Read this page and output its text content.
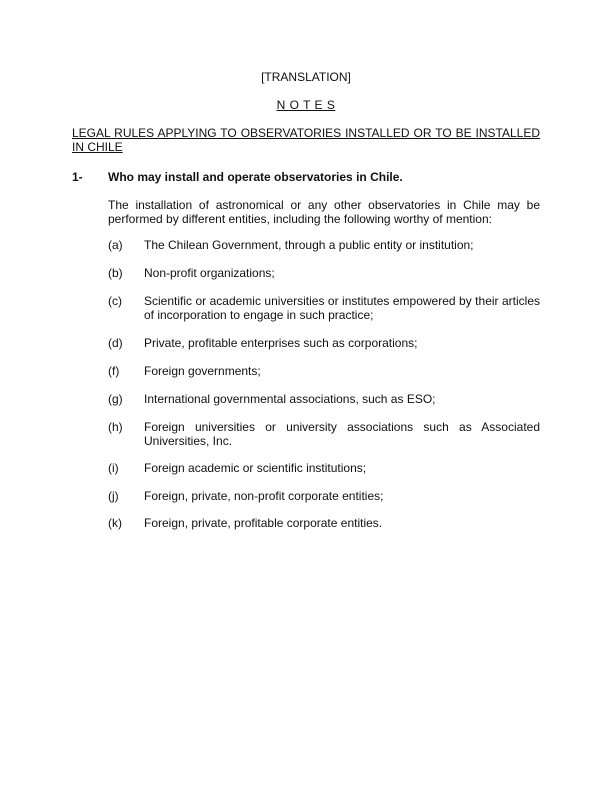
[TRANSLATION]
N O T E S
LEGAL RULES APPLYING TO OBSERVATORIES INSTALLED OR TO BE INSTALLED IN CHILE
1- Who may install and operate observatories in Chile.
The installation of astronomical or any other observatories in Chile may be performed by different entities, including the following worthy of mention:
(a) The Chilean Government, through a public entity or institution;
(b) Non-profit organizations;
(c) Scientific or academic universities or institutes empowered by their articles of incorporation to engage in such practice;
(d) Private, profitable enterprises such as corporations;
(f) Foreign governments;
(g) International governmental associations, such as ESO;
(h) Foreign universities or university associations such as Associated Universities, Inc.
(i) Foreign academic or scientific institutions;
(j) Foreign, private, non-profit corporate entities;
(k) Foreign, private, profitable corporate entities.
